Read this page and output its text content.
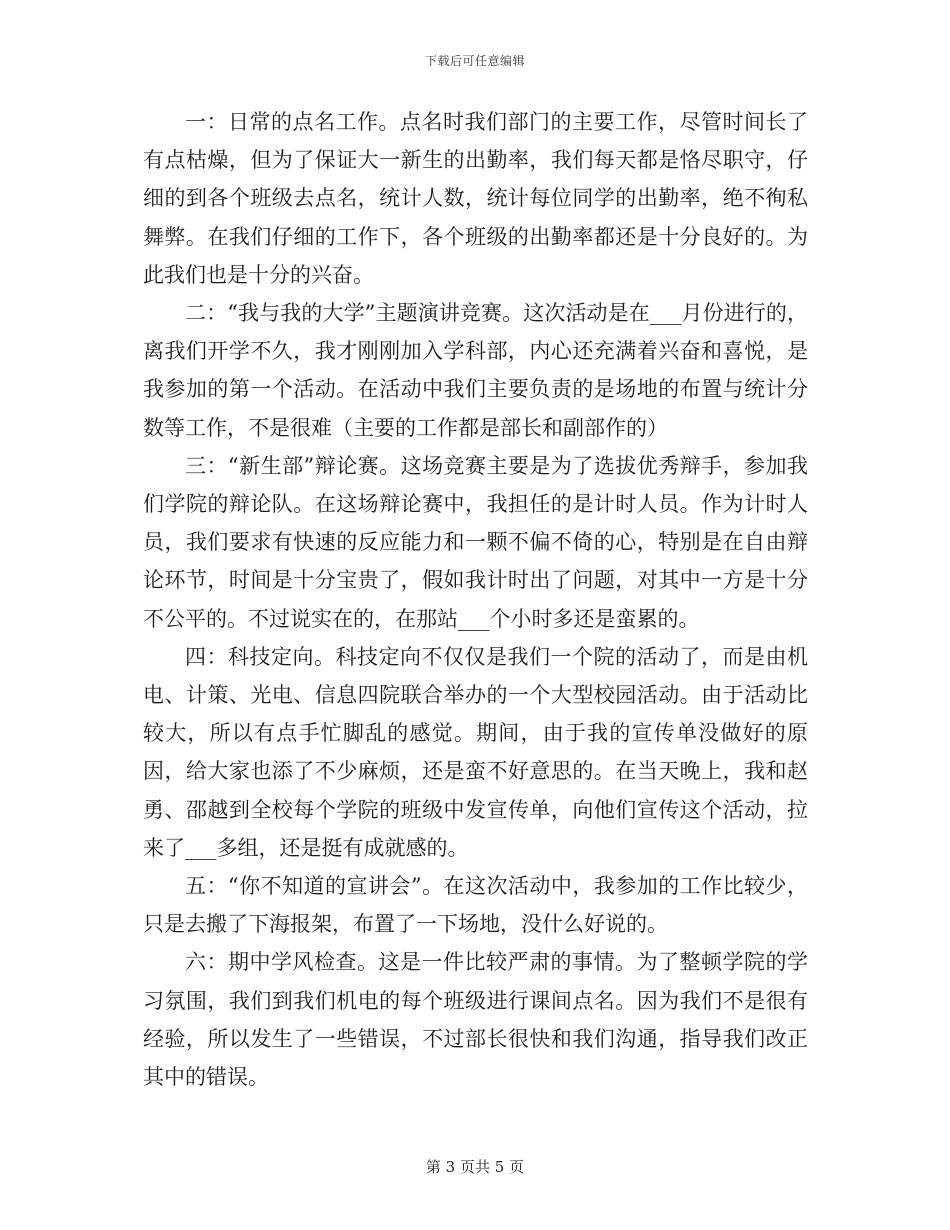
下载后可任意编辑

一：日常的点名工作。点名时我们部门的主要工作，尽管时间长了有点枯燥，但为了保证大一新生的出勤率，我们每天都是恪尽职守，仔细的到各个班级去点名，统计人数，统计每位同学的出勤率，绝不徇私舞弊。在我们仔细的工作下，各个班级的出勤率都还是十分良好的。为此我们也是十分的兴奋。

二：“我与我的大学”主题演讲竞赛。这次活动是在___月份进行的，离我们开学不久，我才刚刚加入学科部，内心还充满着兴奋和喜悦，是我参加的第一个活动。在活动中我们主要负责的是场地的布置与统计分数等工作，不是很难（主要的工作都是部长和副部作的）

三：“新生部”辩论赛。这场竞赛主要是为了选拔优秀辩手，参加我们学院的辩论队。在这场辩论赛中，我担任的是计时人员。作为计时人员，我们要求有快速的反应能力和一颗不偏不倚的心，特别是在自由辩论环节，时间是十分宝贵了，假如我计时出了问题，对其中一方是十分不公平的。不过说实在的，在那站___个小时多还是蛮累的。

四：科技定向。科技定向不仅仅是我们一个院的活动了，而是由机电、计策、光电、信息四院联合举办的一个大型校园活动。由于活动比较大，所以有点手忙脚乱的感觉。期间，由于我的宣传单没做好的原因，给大家也添了不少麻烦，还是蛮不好意思的。在当天晚上，我和赵勇、邵越到全校每个学院的班级中发宣传单，向他们宣传这个活动，拉来了___多组，还是挺有成就感的。

五：“你不知道的宣讲会”。在这次活动中，我参加的工作比较少，只是去搬了下海报架，布置了一下场地，没什么好说的。

六：期中学风检查。这是一件比较严肃的事情。为了整顿学院的学习氛围，我们到我们机电的每个班级进行课间点名。因为我们不是很有经验，所以发生了一些错误，不过部长很快和我们沟通，指导我们改正其中的错误。

第 3 页共 5 页
